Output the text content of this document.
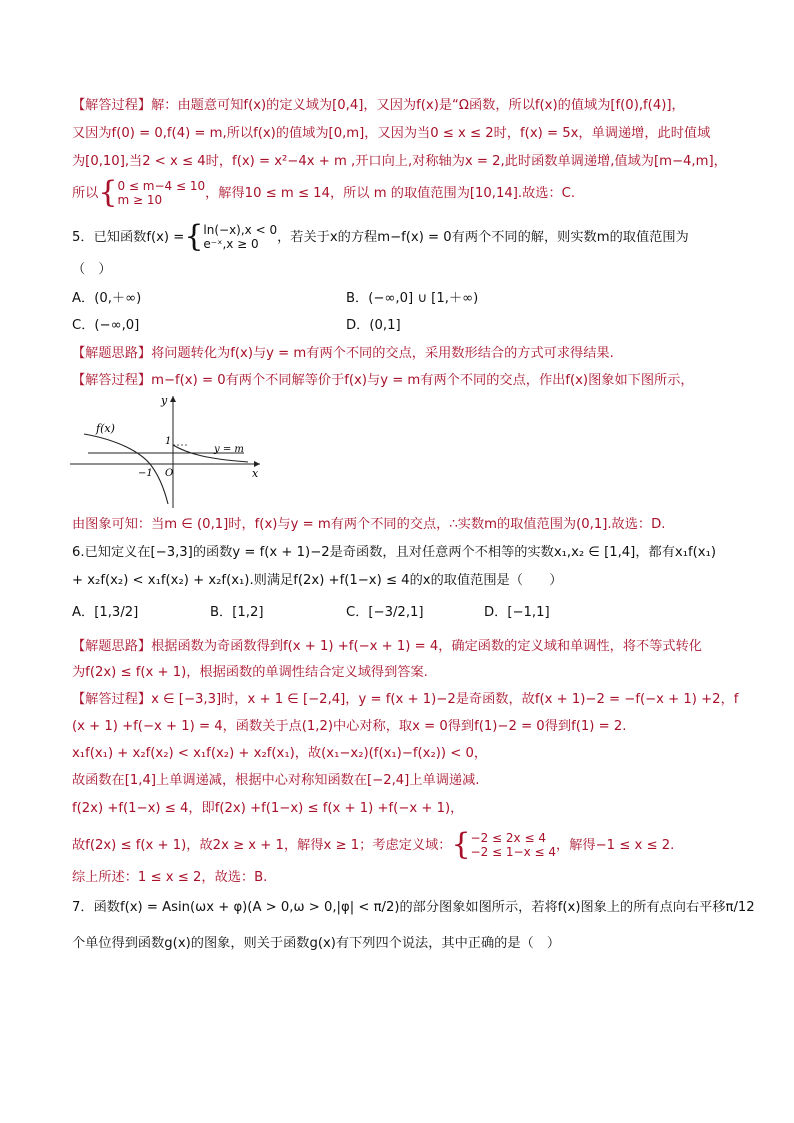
【解答过程】解：由题意可知f(x)的定义域为[0,4]，又因为f(x)是“Ω函数，所以f(x)的值域为[f(0),f(4)]，
又因为f(0) = 0,f(4) = m,所以f(x)的值域为[0,m]，又因为当0 ≤ x ≤ 2时，f(x) = 5x，单调递增，此时值域
为[0,10],当2 < x ≤ 4时，f(x) = x²−4x + m ,开口向上,对称轴为x = 2,此时函数单调递增,值域为[m−4,m]，
所以{0 ≤ m−4 ≤ 10
m ≥ 10	，解得10 ≤ m ≤ 14，所以 m 的取值范围为[10,14].故选：C.
5．已知函数f(x) ={ln(−x),x < 0
e⁻ˣ,x ≥ 0 ，若关于x的方程m−f(x) = 0有两个不同的解，则实数m的取值范围为
（　）
A．(0,＋∞)	B．(−∞,0] ∪ [1,＋∞)
C．(−∞,0]	D．(0,1]
【解题思路】将问题转化为f(x)与y = m有两个不同的交点，采用数形结合的方式可求得结果.
【解答过程】m−f(x) = 0有两个不同解等价于f(x)与y = m有两个不同的交点，作出f(x)图象如下图所示，
f(x)
y
x
1
−1 O
y = m
由图象可知：当m ∈ (0,1]时，f(x)与y = m有两个不同的交点，∴实数m的取值范围为(0,1].故选：D.
6.已知定义在[−3,3]的函数y = f(x + 1)−2是奇函数，且对任意两个不相等的实数x₁,x₂ ∈ [1,4]，都有x₁f(x₁)
+ x₂f(x₂) < x₁f(x₂) + x₂f(x₁).则满足f(2x) +f(1−x) ≤ 4的x的取值范围是（　　）
A．[1,3/2]	B．[1,2]	C．[−3/2,1]	D．[−1,1]
【解题思路】根据函数为奇函数得到f(x + 1) +f(−x + 1) = 4，确定函数的定义域和单调性，将不等式转化
为f(2x) ≤ f(x + 1)，根据函数的单调性结合定义域得到答案.
【解答过程】x ∈ [−3,3]时，x + 1 ∈ [−2,4]，y = f(x + 1)−2是奇函数，故f(x + 1)−2 = −f(−x + 1) +2，f
(x + 1) +f(−x + 1) = 4，函数关于点(1,2)中心对称，取x = 0得到f(1)−2 = 0得到f(1) = 2.
x₁f(x₁) + x₂f(x₂) < x₁f(x₂) + x₂f(x₁)，故(x₁−x₂)(f(x₁)−f(x₂)) < 0，
故函数在[1,4]上单调递减，根据中心对称知函数在[−2,4]上单调递减.
f(2x) +f(1−x) ≤ 4，即f(2x) +f(1−x) ≤ f(x + 1) +f(−x + 1)，
故f(2x) ≤ f(x + 1)，故2x ≥ x + 1，解得x ≥ 1；考虑定义域：{−2 ≤ 2x ≤ 4
−2 ≤ 1−x ≤ 4，解得−1 ≤ x ≤ 2.
综上所述：1 ≤ x ≤ 2，故选：B.
7．函数f(x) = Asin(ωx + φ)(A > 0,ω > 0,|φ| < π/2)的部分图象如图所示，若将f(x)图象上的所有点向右平移π/12
个单位得到函数g(x)的图象，则关于函数g(x)有下列四个说法，其中正确的是（　）
